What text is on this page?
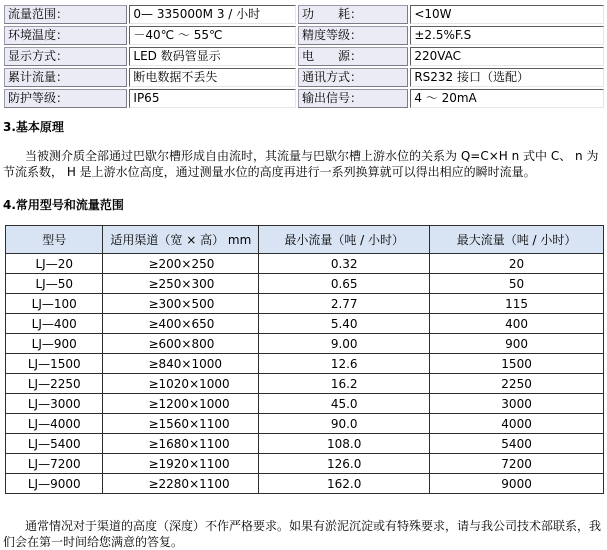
流量范围：	0— 335000M 3 / 小时	功　　耗：	<10W
环境温度：	－40℃ ～ 55℃	精度等级：	±2.5%F.S
显示方式：	LED 数码管显示	电　　源：	220VAC
累计流量：	断电数据不丢失	通讯方式：	RS232 接口（选配）
防护等级：	IP65	输出信号：	4 ～ 20mA
3.基本原理
当被测介质全部通过巴歇尔槽形成自由流时，其流量与巴歇尔槽上游水位的关系为 Q=C×H n 式中 C、 n 为节流系数， H 是上游水位高度，通过测量水位的高度再进行一系列换算就可以得出相应的瞬时流量。
4.常用型号和流量范围
型号	适用渠道（宽 × 高） mm	最小流量（吨 / 小时）	最大流量（吨 / 小时）
LJ—20	≥200×250	0.32	20
LJ—50	≥250×300	0.65	50
LJ—100	≥300×500	2.77	115
LJ—400	≥400×650	5.40	400
LJ—900	≥600×800	9.00	900
LJ—1500	≥840×1000	12.6	1500
LJ—2250	≥1020×1000	16.2	2250
LJ—3000	≥1200×1000	45.0	3000
LJ—4000	≥1560×1100	90.0	4000
LJ—5400	≥1680×1100	108.0	5400
LJ—7200	≥1920×1100	126.0	7200
LJ—9000	≥2280×1100	162.0	9000
通常情况对于渠道的高度（深度）不作严格要求。如果有淤泥沉淀或有特殊要求，请与我公司技术部联系，我们会在第一时间给您满意的答复。
